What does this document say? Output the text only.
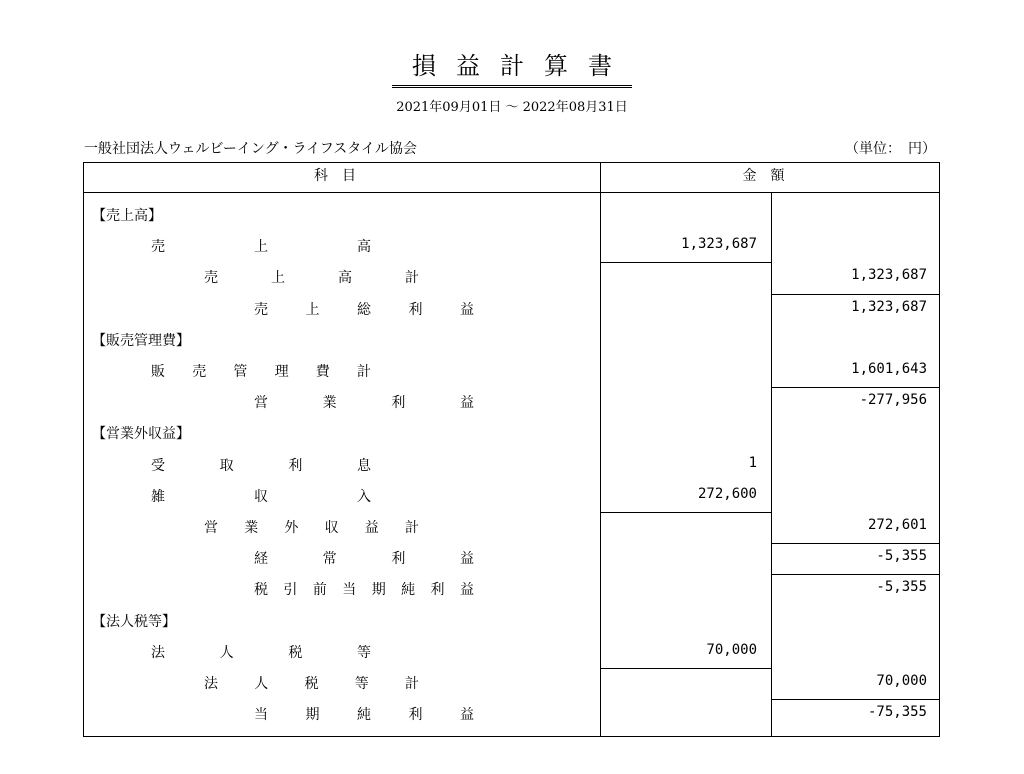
損益計算書
2021年09月01日 〜 2022年08月31日
一般社団法人ウェルビーイング・ライフスタイル協会	（単位：　円）
科目	金額
【売上高】
売	上	高	1,323,687
売	上	高	計	1,323,687
売	上	総	利	益	1,323,687
【販売管理費】
販 売 管 理 費 計	1,601,643
営	業	利	益	-277,956
【営業外収益】
受	取	利	息	1
雑	収	入	272,600
営 業 外 収 益 計	272,601
経	常	利	益	-5,355
税 引 前 当 期 純 利 益	-5,355
【法人税等】
法	人	税	等	70,000
法	人	税	等	計	70,000
当	期	純	利	益	-75,355
